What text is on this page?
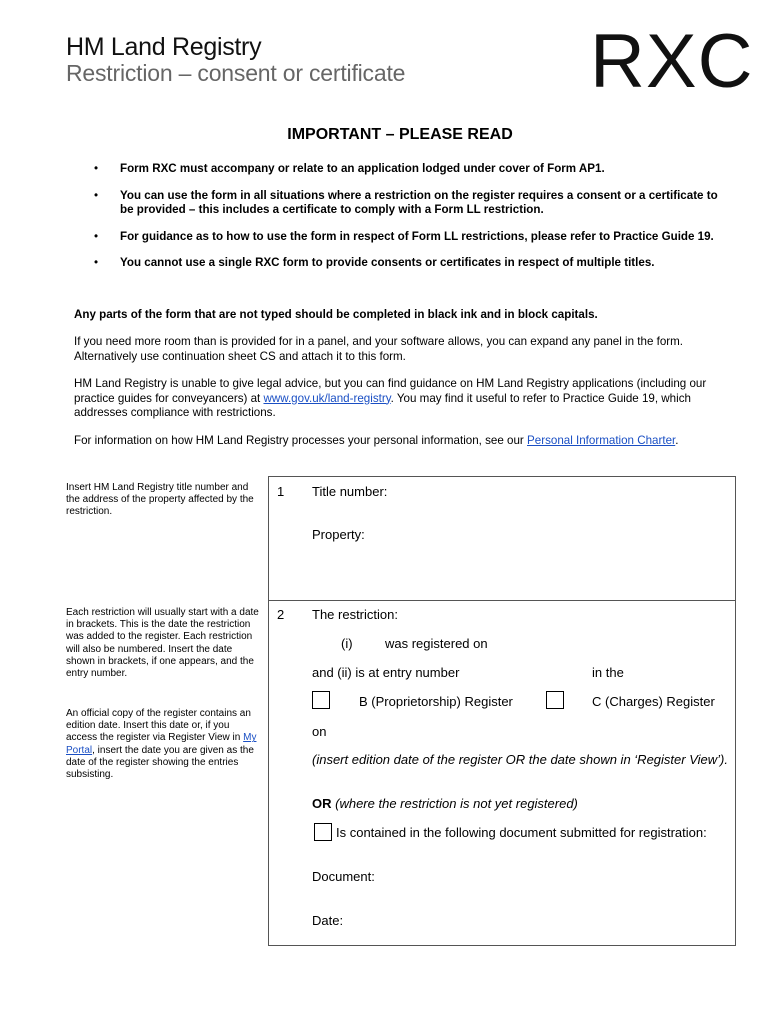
HM Land Registry
Restriction – consent or certificate RXC
IMPORTANT – PLEASE READ
• Form RXC must accompany or relate to an application lodged under cover of Form AP1.
• You can use the form in all situations where a restriction on the register requires a consent or a certificate to be provided – this includes a certificate to comply with a Form LL restriction.
• For guidance as to how to use the form in respect of Form LL restrictions, please refer to Practice Guide 19.
• You cannot use a single RXC form to provide consents or certificates in respect of multiple titles.
Any parts of the form that are not typed should be completed in black ink and in block capitals.
If you need more room than is provided for in a panel, and your software allows, you can expand any panel in the form. Alternatively use continuation sheet CS and attach it to this form.
HM Land Registry is unable to give legal advice, but you can find guidance on HM Land Registry applications (including our practice guides for conveyancers) at www.gov.uk/land-registry. You may find it useful to refer to Practice Guide 19, which addresses compliance with restrictions.
For information on how HM Land Registry processes your personal information, see our Personal Information Charter.
Insert HM Land Registry title number and the address of the property affected by the restriction.
1 Title number:
Property:
Each restriction will usually start with a date in brackets. This is the date the restriction was added to the register. Each restriction will also be numbered. Insert the date shown in brackets, if one appears, and the entry number.
An official copy of the register contains an edition date. Insert this date or, if you access the register via Register View in My Portal, insert the date you are given as the date of the register showing the entries subsisting.
2 The restriction:
(i) was registered on
and (ii) is at entry number	in the
B (Proprietorship) Register	C (Charges) Register
on
(insert edition date of the register OR the date shown in ‘Register View’).
OR (where the restriction is not yet registered)
Is contained in the following document submitted for registration:
Document:
Date:
